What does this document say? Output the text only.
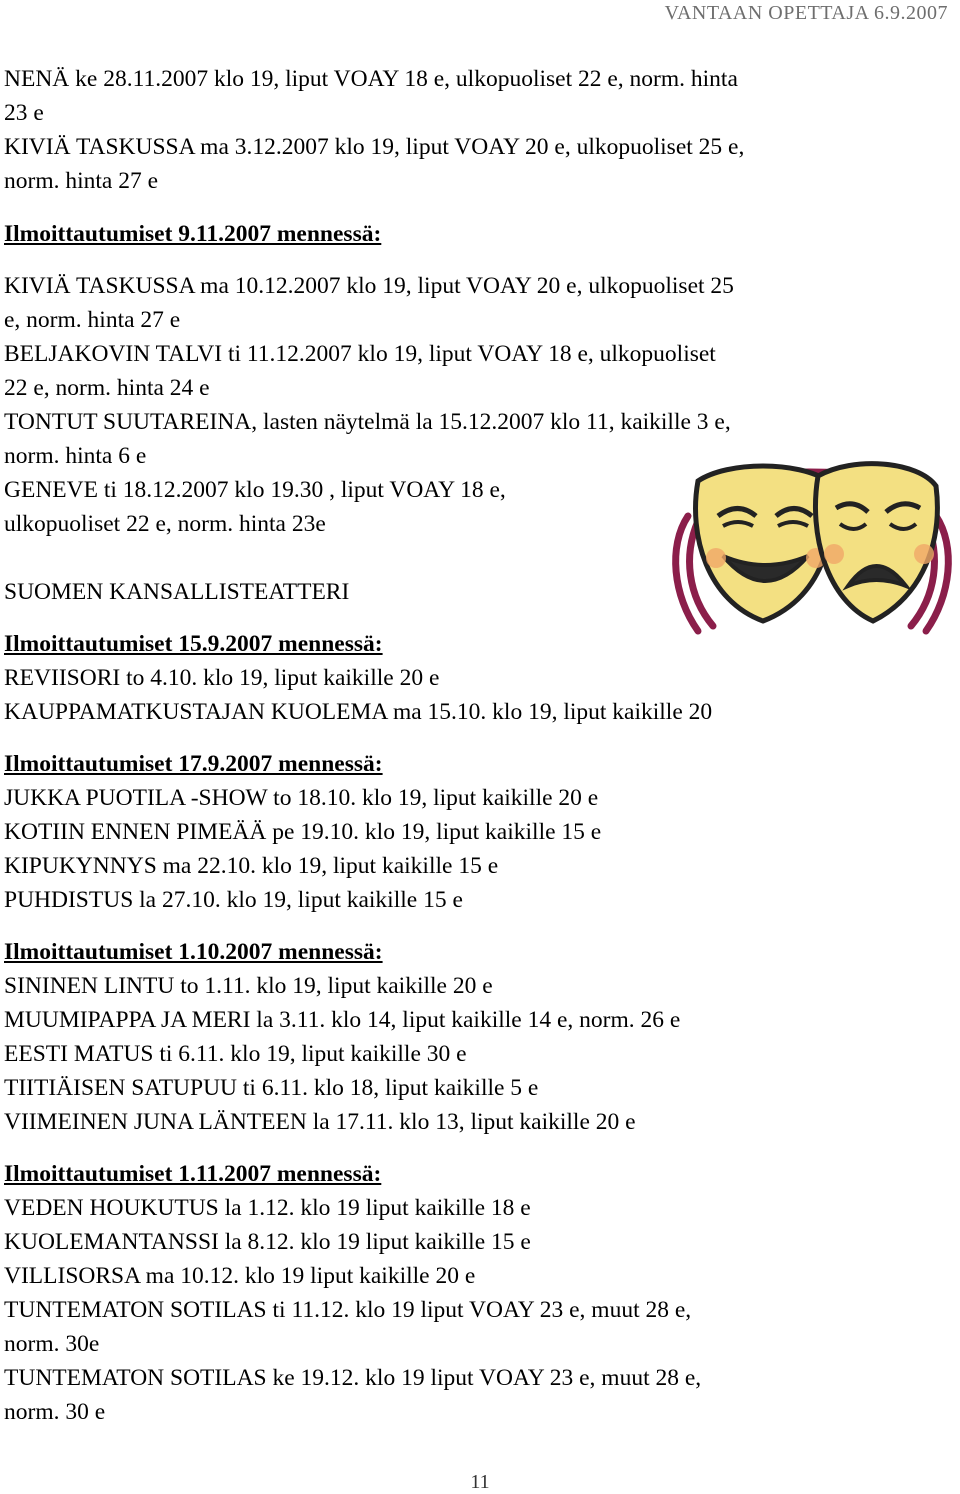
VANTAAN OPETTAJA 6.9.2007
NENÄ ke 28.11.2007 klo 19, liput VOAY 18 e, ulkopuoliset 22 e, norm. hinta
23 e
KIVIÄ TASKUSSA ma 3.12.2007 klo 19, liput VOAY 20 e, ulkopuoliset 25 e,
norm. hinta 27 e
Ilmoittautumiset 9.11.2007 mennessä:
KIVIÄ TASKUSSA ma 10.12.2007 klo 19, liput VOAY 20 e, ulkopuoliset 25
e, norm. hinta 27 e
BELJAKOVIN TALVI ti 11.12.2007 klo 19, liput VOAY 18 e, ulkopuoliset
22 e, norm. hinta 24 e
TONTUT SUUTAREINA, lasten näytelmä la 15.12.2007 klo 11, kaikille 3 e,
norm. hinta 6 e
GENEVE ti 18.12.2007 klo 19.30 , liput VOAY 18 e,
ulkopuoliset 22 e, norm. hinta 23e
SUOMEN KANSALLISTEATTERI
Ilmoittautumiset 15.9.2007 mennessä:
REVIISORI to 4.10. klo 19, liput kaikille 20 e
KAUPPAMATKUSTAJAN KUOLEMA ma 15.10. klo 19, liput kaikille 20
Ilmoittautumiset 17.9.2007 mennessä:
JUKKA PUOTILA -SHOW to 18.10. klo 19, liput kaikille 20 e
KOTIIN ENNEN PIMEÄÄ pe 19.10. klo 19, liput kaikille 15 e
KIPUKYNNYS ma 22.10. klo 19, liput kaikille 15 e
PUHDISTUS la 27.10. klo 19, liput kaikille 15 e
Ilmoittautumiset 1.10.2007 mennessä:
SININEN LINTU to 1.11. klo 19, liput kaikille 20 e
MUUMIPAPPA JA MERI la 3.11. klo 14, liput kaikille 14 e, norm. 26 e
EESTI MATUS ti 6.11. klo 19, liput kaikille 30 e
TIITIÄISEN SATUPUU ti 6.11. klo 18, liput kaikille 5 e
VIIMEINEN JUNA LÄNTEEN la 17.11. klo 13, liput kaikille 20 e
Ilmoittautumiset 1.11.2007 mennessä:
VEDEN HOUKUTUS la 1.12. klo 19 liput kaikille 18 e
KUOLEMANTANSSI la 8.12. klo 19 liput kaikille 15 e
VILLISORSA ma 10.12. klo 19 liput kaikille 20 e
TUNTEMATON SOTILAS ti 11.12. klo 19 liput VOAY 23 e, muut 28 e,
norm. 30e
TUNTEMATON SOTILAS ke 19.12. klo 19 liput VOAY 23 e, muut 28 e,
norm. 30 e
11
